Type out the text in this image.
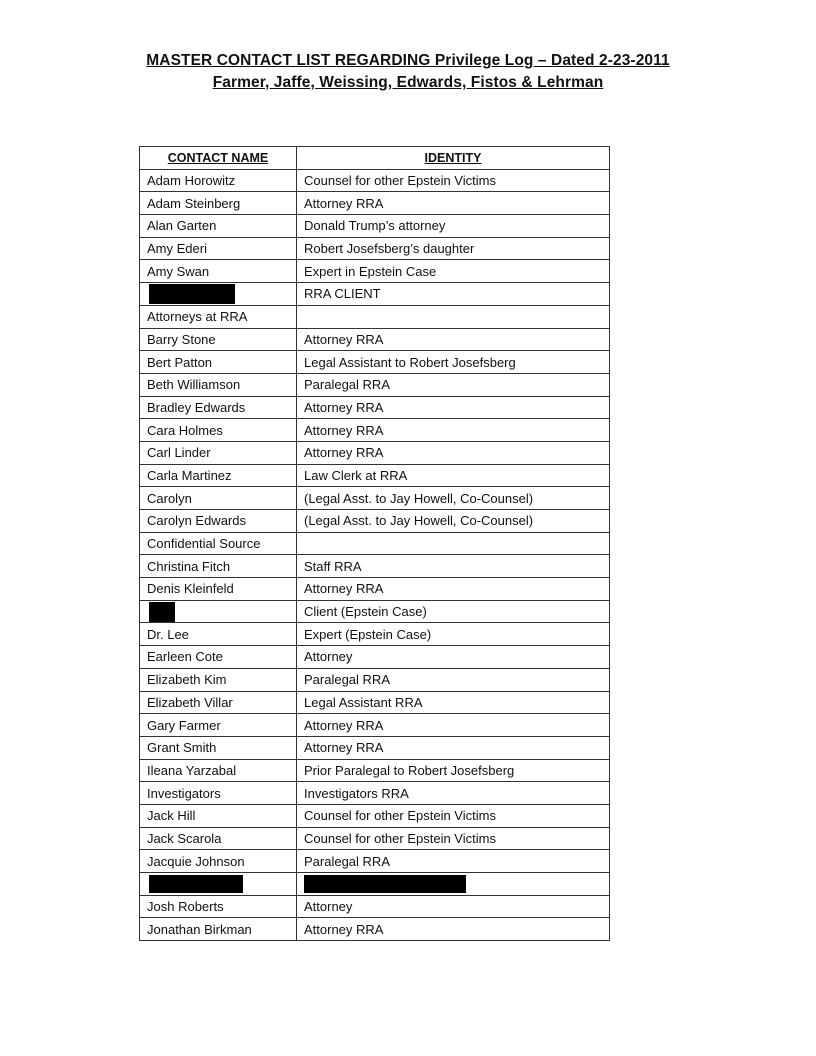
MASTER CONTACT LIST REGARDING Privilege Log – Dated 2-23-2011
Farmer, Jaffe, Weissing, Edwards, Fistos & Lehrman
CONTACT NAME	IDENTITY
Adam Horowitz	Counsel for other Epstein Victims
Adam Steinberg	Attorney RRA
Alan Garten	Donald Trump’s attorney
Amy Ederi	Robert Josefsberg’s daughter
Amy Swan	Expert in Epstein Case
	RRA CLIENT
Attorneys at RRA	
Barry Stone	Attorney RRA
Bert Patton	Legal Assistant to Robert Josefsberg
Beth Williamson	Paralegal RRA
Bradley Edwards	Attorney RRA
Cara Holmes	Attorney RRA
Carl Linder	Attorney RRA
Carla Martinez	Law Clerk at RRA
Carolyn	(Legal Asst. to Jay Howell, Co-Counsel)
Carolyn Edwards	(Legal Asst. to Jay Howell, Co-Counsel)
Confidential Source	
Christina Fitch	Staff RRA
Denis Kleinfeld	Attorney RRA
	Client (Epstein Case)
Dr. Lee	Expert (Epstein Case)
Earleen Cote	Attorney
Elizabeth Kim	Paralegal RRA
Elizabeth Villar	Legal Assistant RRA
Gary Farmer	Attorney RRA
Grant Smith	Attorney RRA
Ileana Yarzabal	Prior Paralegal to Robert Josefsberg
Investigators	Investigators RRA
Jack Hill	Counsel for other Epstein Victims
Jack Scarola	Counsel for other Epstein Victims
Jacquie Johnson	Paralegal RRA

Josh Roberts	Attorney
Jonathan Birkman	Attorney RRA
